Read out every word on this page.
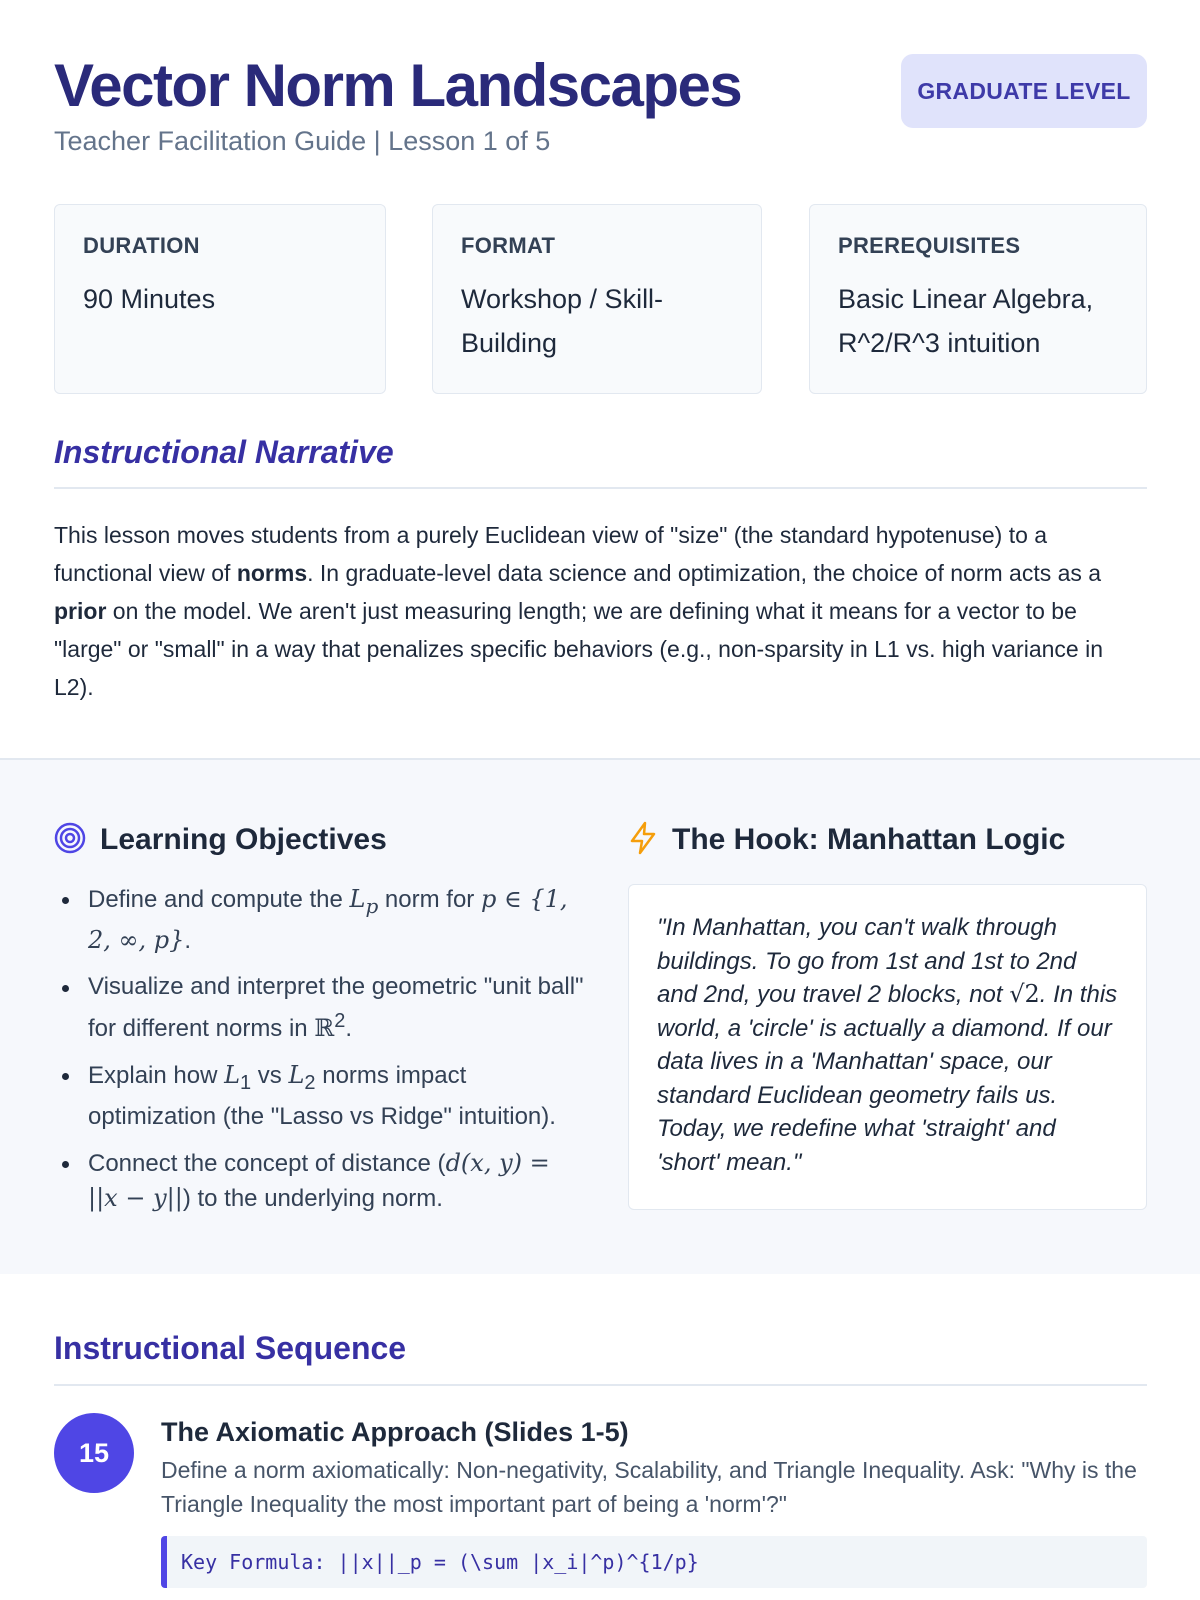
Vector Norm Landscapes
Teacher Facilitation Guide | Lesson 1 of 5
GRADUATE LEVEL
DURATION
90 Minutes
FORMAT
Workshop / Skill-Building
PREREQUISITES
Basic Linear Algebra, R^2/R^3 intuition
Instructional Narrative
This lesson moves students from a purely Euclidean view of "size" (the standard hypotenuse) to a functional view of norms. In graduate-level data science and optimization, the choice of norm acts as a prior on the model. We aren't just measuring length; we are defining what it means for a vector to be "large" or "small" in a way that penalizes specific behaviors (e.g., non-sparsity in L1 vs. high variance in L2).
Learning Objectives
Define and compute the $L_p$ norm for p ∈ {1, 2, ∞, p}.
Visualize and interpret the geometric "unit ball" for different norms in ℝ$^2$.
Explain how $L_1$ vs $L_2$ norms impact optimization (the "Lasso vs Ridge" intuition).
Connect the concept of distance (d(x, y) = ||x − y||) to the underlying norm.
The Hook: Manhattan Logic

"In Manhattan, you can't walk through buildings. To go from 1st and 1st to 2nd and 2nd, you travel 2 blocks, not √2. In this world, a 'circle' is actually a diamond. If our data lives in a 'Manhattan' space, our standard Euclidean geometry fails us. Today, we redefine what 'straight' and 'short' mean."

Instructional Sequence
15
The Axiomatic Approach (Slides 1-5)
Define a norm axiomatically: Non-negativity, Scalability, and Triangle Inequality. Ask: "Why is the Triangle Inequality the most important part of being a 'norm'?"
Key Formula: ||x||_p = (\sum |x_i|^p)^{1/p}
